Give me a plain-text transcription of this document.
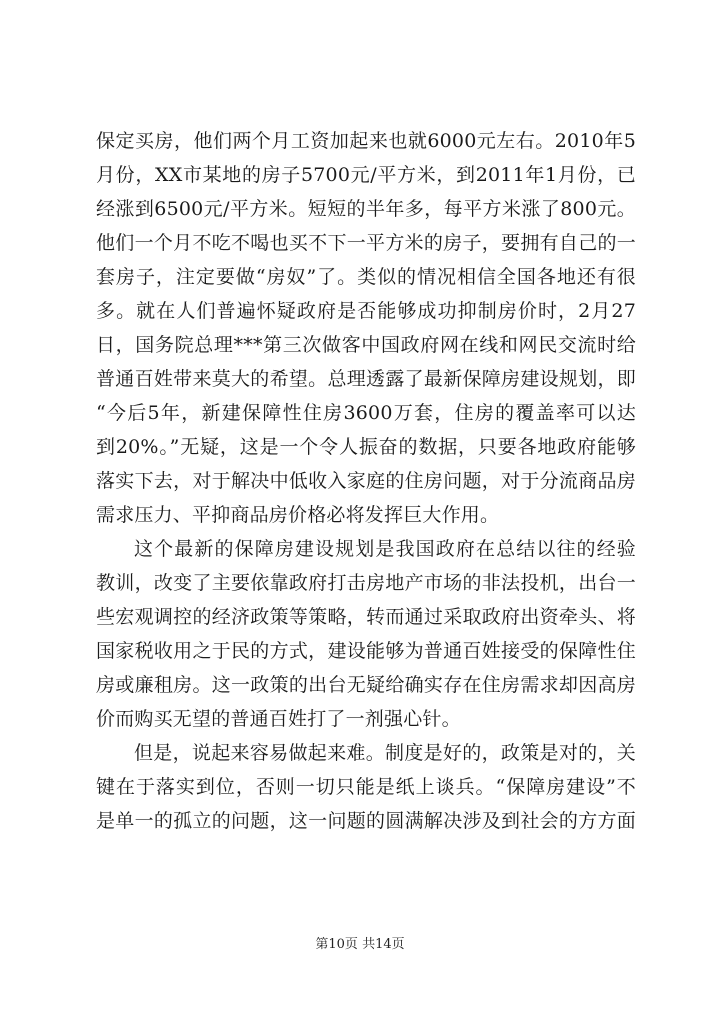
保定买房，他们两个月工资加起来也就6000元左右。2010年5
月份，XX市某地的房子5700元/平方米，到2011年1月份，已
经涨到6500元/平方米。短短的半年多，每平方米涨了800元。
他们一个月不吃不喝也买不下一平方米的房子，要拥有自己的一
套房子，注定要做“房奴”了。类似的情况相信全国各地还有很
多。就在人们普遍怀疑政府是否能够成功抑制房价时，2月27
日，国务院总理***第三次做客中国政府网在线和网民交流时给
普通百姓带来莫大的希望。总理透露了最新保障房建设规划，即
“今后5年，新建保障性住房3600万套，住房的覆盖率可以达
到20%。”无疑，这是一个令人振奋的数据，只要各地政府能够
落实下去，对于解决中低收入家庭的住房问题，对于分流商品房
需求压力、平抑商品房价格必将发挥巨大作用。
这个最新的保障房建设规划是我国政府在总结以往的经验
教训，改变了主要依靠政府打击房地产市场的非法投机，出台一
些宏观调控的经济政策等策略，转而通过采取政府出资牵头、将
国家税收用之于民的方式，建设能够为普通百姓接受的保障性住
房或廉租房。这一政策的出台无疑给确实存在住房需求却因高房
价而购买无望的普通百姓打了一剂强心针。
但是，说起来容易做起来难。制度是好的，政策是对的，关
键在于落实到位，否则一切只能是纸上谈兵。“保障房建设”不
是单一的孤立的问题，这一问题的圆满解决涉及到社会的方方面
第10页 共14页
